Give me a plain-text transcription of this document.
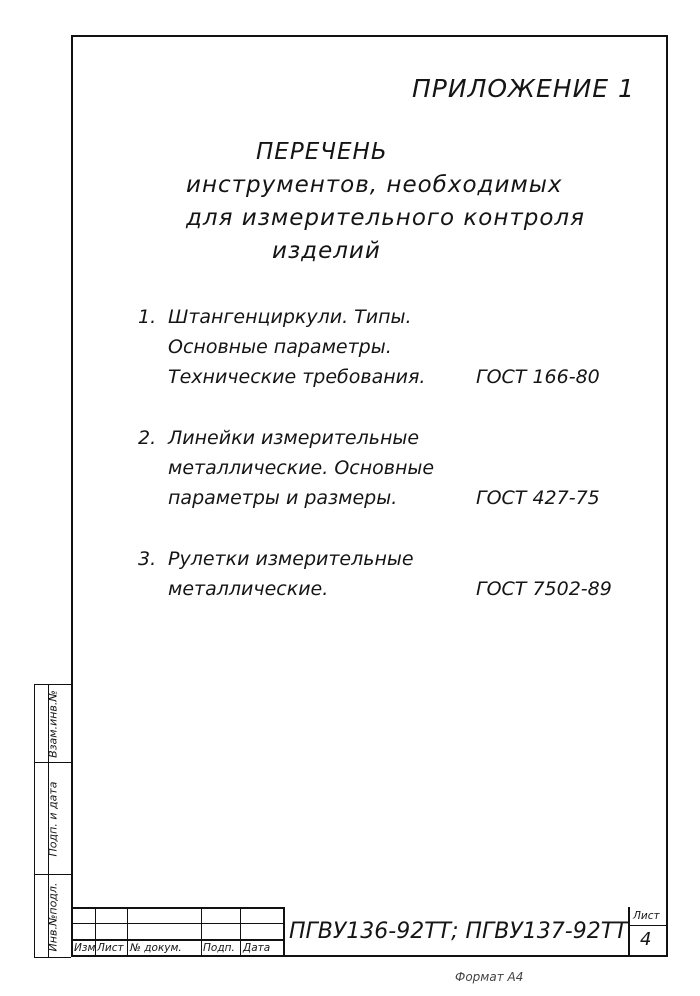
ПРИЛОЖЕНИЕ 1
ПЕРЕЧЕНЬ
инструментов, необходимых
для измерительного контроля
изделий
1. Штангенциркули. Типы.
Основные параметры.
Технические требования.	ГОСТ 166-80
2. Линейки измерительные
металлические. Основные
параметры и размеры.	ГОСТ 427-75
3. Рулетки измерительные
металлические.	ГОСТ 7502-89
Взам.инв.№
Подп. и дата
Инв.№подл. Изм Лист № докум. Подп. Дата
ПГВУ136-92ТТ; ПГВУ137-92ТТ
Лист
4
Формат А4
